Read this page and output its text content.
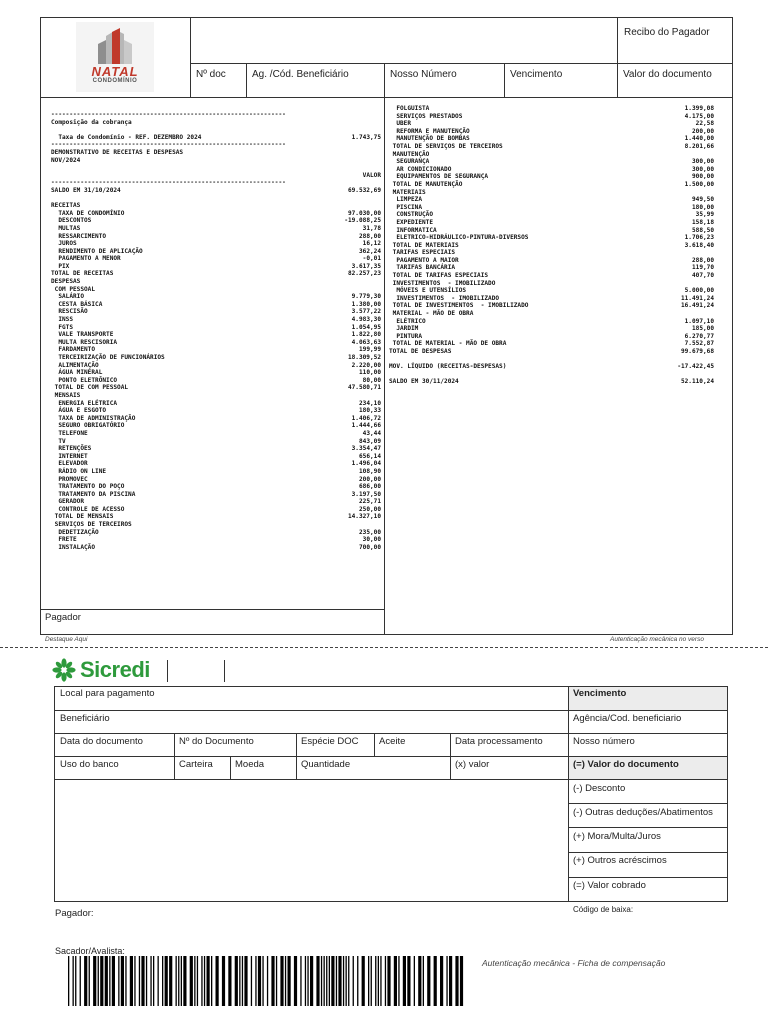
NATAL
CONDOMÍNIO
Recibo do Pagador
Nº doc	Ag. /Cód. Beneficiário	Nosso Número	Vencimento	Valor do documento
----------------------------------------------------------------
Composição da cobrança
Taxa de Condomínio - REF. DEZEMBRO 2024	1.743,75
----------------------------------------------------------------
DEMONSTRATIVO DE RECEITAS E DESPESAS
NOV/2024
VALOR
----------------------------------------------------------------
SALDO EM 31/10/2024	69.532,69
RECEITAS
TAXA DE CONDOMÍNIO	97.030,00
DESCONTOS	-19.088,25
MULTAS	31,78
RESSARCIMENTO	288,00
JUROS	16,12
RENDIMENTO DE APLICAÇÃO	362,24
PAGAMENTO A MENOR	-0,01
PIX	3.617,35
TOTAL DE RECEITAS	82.257,23
DESPESAS
COM PESSOAL
SALÁRIO	9.779,30
CESTA BÁSICA	1.380,00
RESCISÃO	3.577,22
INSS	4.983,30
FGTS	1.054,95
VALE TRANSPORTE	1.822,80
MULTA RESCISORIA	4.063,63
FARDAMENTO	199,99
TERCEIRIZAÇÃO DE FUNCIONÁRIOS	18.309,52
ALIMENTAÇÃO	2.220,00
ÁGUA MINERAL	110,00
PONTO ELETRÔNICO	80,00
TOTAL DE COM PESSOAL	47.580,71
MENSAIS
ENERGIA ELÉTRICA	234,10
ÁGUA E ESGOTO	180,33
TAXA DE ADMINISTRAÇÃO	1.406,72
SEGURO OBRIGATÓRIO	1.444,66
TELEFONE	43,44
TV	843,09
RETENÇÕES	3.354,47
INTERNET	656,14
ELEVADOR	1.496,04
RÁDIO ON LINE	108,90
PROMOVEC	200,00
TRATAMENTO DO POÇO	686,00
TRATAMENTO DA PISCINA	3.197,50
GERADOR	225,71
CONTROLE DE ACESSO	250,00
TOTAL DE MENSAIS	14.327,10
SERVIÇOS DE TERCEIROS
DEDETIZAÇÃO	235,00
FRETE	30,00
INSTALAÇÃO	700,00
FOLGUISTA	1.399,08
SERVIÇOS PRESTADOS	4.175,00
UBER	22,58
REFORMA E MANUTENÇÃO	200,00
MANUTENÇÃO DE BOMBAS	1.440,00
TOTAL DE SERVIÇOS DE TERCEIROS	8.201,66
MANUTENÇÃO
SEGURANÇA	300,00
AR CONDICIONADO	300,00
EQUIPAMENTOS DE SEGURANÇA	900,00
TOTAL DE MANUTENÇÃO	1.500,00
MATERIAIS
LIMPEZA	949,50
PISCINA	180,00
CONSTRUÇÃO	35,99
EXPEDIENTE	158,18
INFORMATICA	588,50
ELETRICO-HIDRÁULICO-PINTURA-DIVERSOS	1.706,23
TOTAL DE MATERIAIS	3.618,40
TARIFAS ESPECIAIS
PAGAMENTO A MAIOR	288,00
TARIFAS BANCÁRIA	119,70
TOTAL DE TARIFAS ESPECIAIS	407,70
INVESTIMENTOS  - IMOBILIZADO
MÓVEIS E UTENSÍLIOS	5.000,00
INVESTIMENTOS  - IMOBILIZADO	11.491,24
TOTAL DE INVESTIMENTOS  - IMOBILIZADO	16.491,24
MATERIAL - MÃO DE OBRA
ELÉTRICO	1.097,10
JARDIM	185,00
PINTURA	6.270,77
TOTAL DE MATERIAL - MÃO DE OBRA	7.552,87
TOTAL DE DESPESAS	99.679,68
MOV. LÍQUIDO (RECEITAS-DESPESAS)	-17.422,45
SALDO EM 30/11/2024	52.110,24
Pagador
Destaque Aqui	Autenticação mecânica no verso
Sicredi
Local para pagamento	Vencimento
Beneficiário	Agência/Cod. beneficiario
Data do documento	Nº do Documento	Espécie DOC Aceite	Data processamento	Nosso número
Uso do banco	Carteira Moeda	Quantidade	(x) valor	(=) Valor do documento
(-) Desconto
(-) Outras deduções/Abatimentos
(+) Mora/Multa/Juros
(+) Outros acréscimos
(=) Valor cobrado
Pagador:	Código de baixa:
Sacador/Avalista:
Autenticação mecânica - Ficha de compensação
